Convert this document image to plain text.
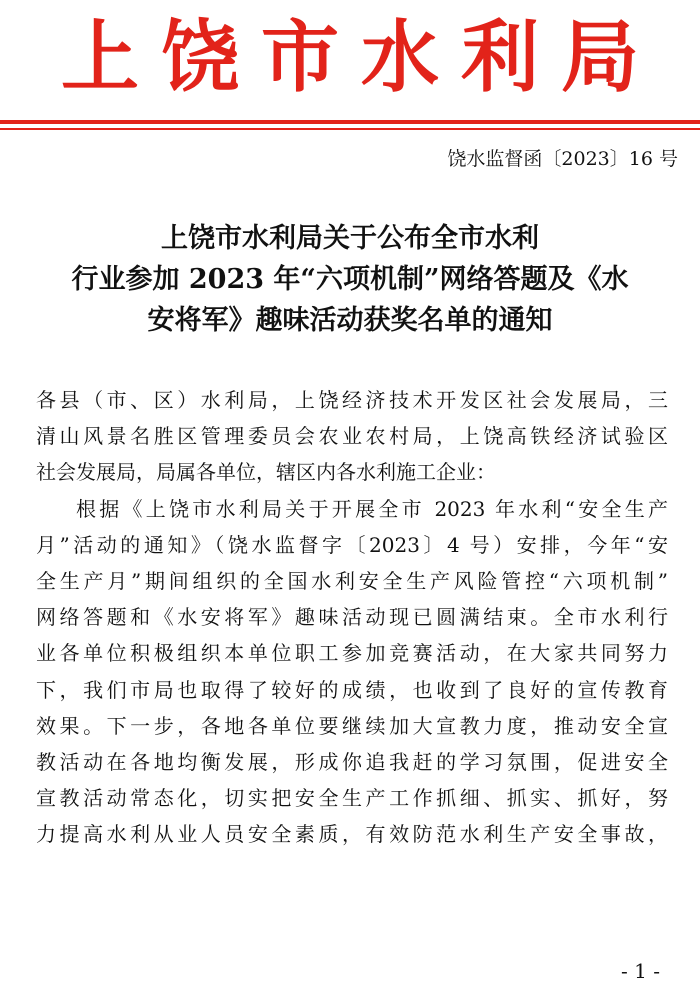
上饶市水利局
饶水监督函〔2023〕16 号
上饶市水利局关于公布全市水利
行业参加 2023 年“六项机制”网络答题及《水
安将军》趣味活动获奖名单的通知
各县（市、区）水利局，上饶经济技术开发区社会发展局，三
清山风景名胜区管理委员会农业农村局，上饶高铁经济试验区
社会发展局，局属各单位，辖区内各水利施工企业：
根据《上饶市水利局关于开展全市 2023 年水利“安全生产
月”活动的通知》（饶水监督字〔2023〕4 号）安排，今年“安
全生产月”期间组织的全国水利安全生产风险管控“六项机制”
网络答题和《水安将军》趣味活动现已圆满结束。全市水利行
业各单位积极组织本单位职工参加竞赛活动，在大家共同努力
下，我们市局也取得了较好的成绩，也收到了良好的宣传教育
效果。下一步，各地各单位要继续加大宣教力度，推动安全宣
教活动在各地均衡发展，形成你追我赶的学习氛围，促进安全
宣教活动常态化，切实把安全生产工作抓细、抓实、抓好，努
力提高水利从业人员安全素质，有效防范水利生产安全事故，
- 1 -
